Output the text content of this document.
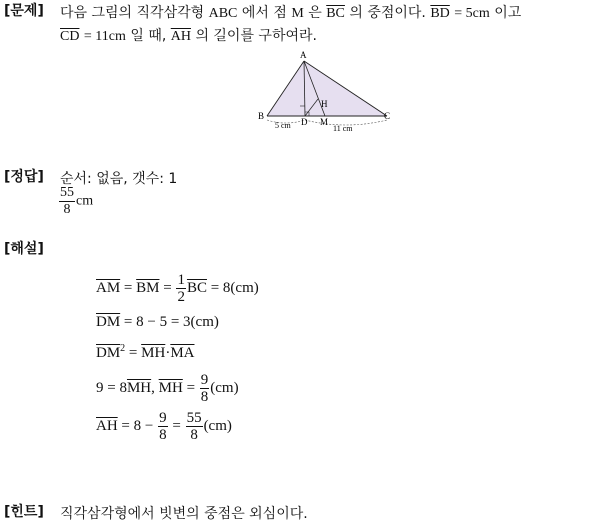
[문제] 다음 그림의 직각삼각형 ABC 에서 점 M 은 $\overline{BC}$ 의 중점이다. $\overline{BD} = 5cm$ 이고
$\overline{CD} = 11cm$ 일 때, $\overline{AH}$ 의 길이를 구하여라.
A
B	C
D M
H
5 cm	11 cm
[정답] 순서: 없음, 갯수: 1
$\frac{55}{8}$ cm
[해설]
$\overline{AM} = \overline{BM} = \frac{1}{2} \overline{BC} = 8(cm)$
$\overline{DM} = 8 - 5 = 3(cm)$
$\overline{DM}^2 = \overline{MH}\cdot\overline{MA}$
$9 = 8\overline{MH}$, $\overline{MH} = \frac{9}{8} (cm)$
$\overline{AH} = 8 - \frac{9}{8} = \frac{55}{8} (cm)$
[힌트] 직각삼각형에서 빗변의 중점은 외심이다.
